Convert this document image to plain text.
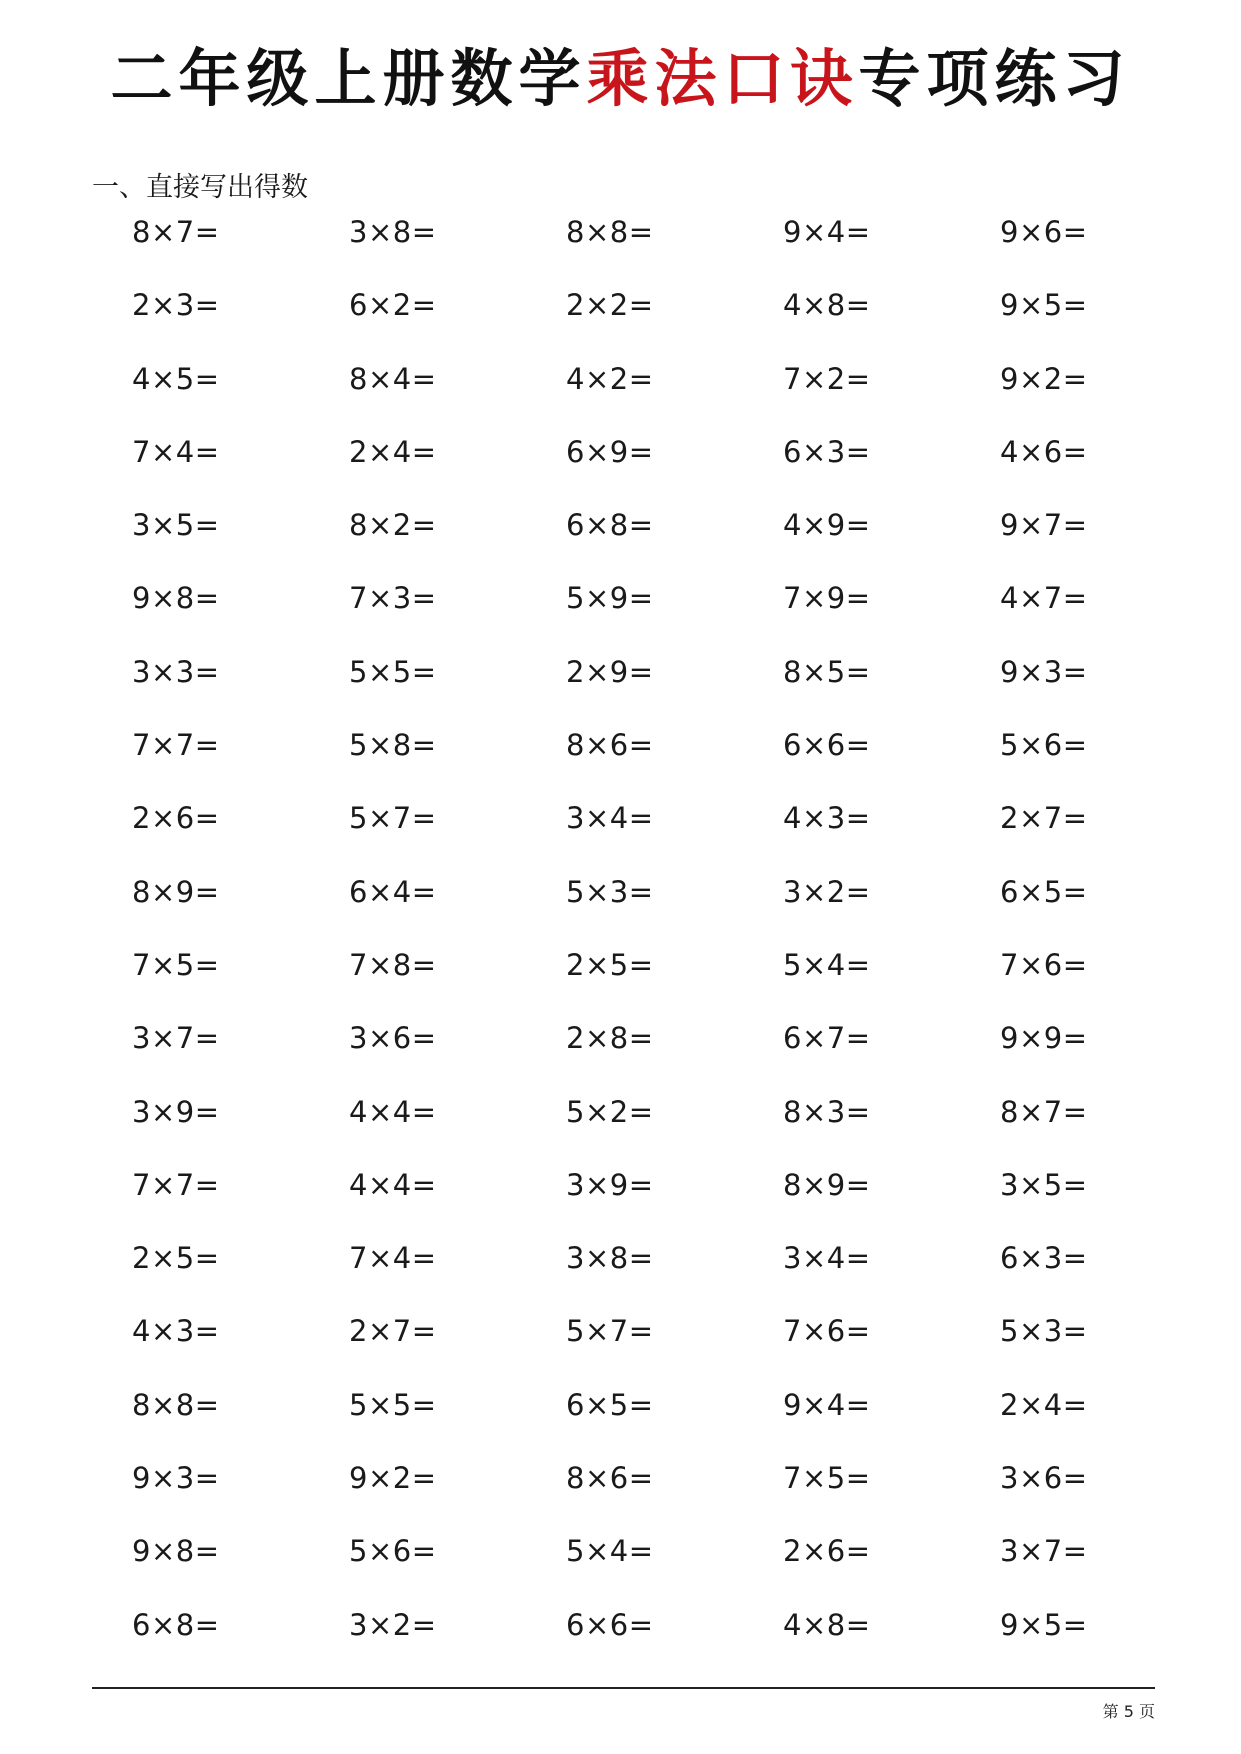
二年级上册数学乘法口诀专项练习
一、直接写出得数
8×7=	3×8=	8×8=	9×4=	9×6=
2×3=	6×2=	2×2=	4×8=	9×5=
4×5=	8×4=	4×2=	7×2=	9×2=
7×4=	2×4=	6×9=	6×3=	4×6=
3×5=	8×2=	6×8=	4×9=	9×7=
9×8=	7×3=	5×9=	7×9=	4×7=
3×3=	5×5=	2×9=	8×5=	9×3=
7×7=	5×8=	8×6=	6×6=	5×6=
2×6=	5×7=	3×4=	4×3=	2×7=
8×9=	6×4=	5×3=	3×2=	6×5=
7×5=	7×8=	2×5=	5×4=	7×6=
3×7=	3×6=	2×8=	6×7=	9×9=
3×9=	4×4=	5×2=	8×3=	8×7=
7×7=	4×4=	3×9=	8×9=	3×5=
2×5=	7×4=	3×8=	3×4=	6×3=
4×3=	2×7=	5×7=	7×6=	5×3=
8×8=	5×5=	6×5=	9×4=	2×4=
9×3=	9×2=	8×6=	7×5=	3×6=
9×8=	5×6=	5×4=	2×6=	3×7=
6×8=	3×2=	6×6=	4×8=	9×5=
第 5 页
